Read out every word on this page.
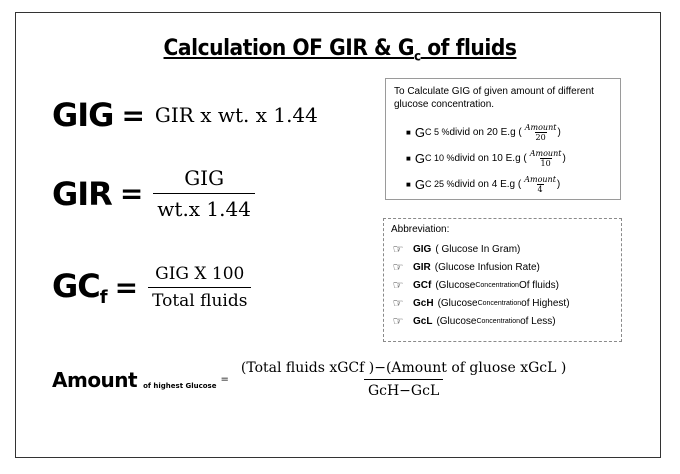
Calculation OF GIR & $G_c$ of fluids
GIG = GIR x wt. x 1.44
GIR = $\frac{\text{GIG}}{wt.x 1.44}$
$GC_f = \frac{\text{GIG X 100}}{\text{Total fluids}}$
To Calculate GIG of given amount of different glucose concentration.
■ G C 5 % divid on 20 E.g ( Amount
20 )
■ G C 10 % divid on 10 E.g ( Amount
10 )
■ G C 25 % divid on 4 E.g ( Amount
4 )
Abbreviation:
☞ GIG ( Glucose In Gram)
☞ GIR (Glucose Infusion Rate)
☞ GCf (Glucose Concentration Of fluids)
☞ GcH (Glucose Concentration of Highest)
☞ GcL (Glucose Concentration of Less)
Amount of highest Glucose
= $\frac{\text{(Total fluids xGCf )−(Amount of gluose xGcL )}}{\text{GcH−GcL}}$
